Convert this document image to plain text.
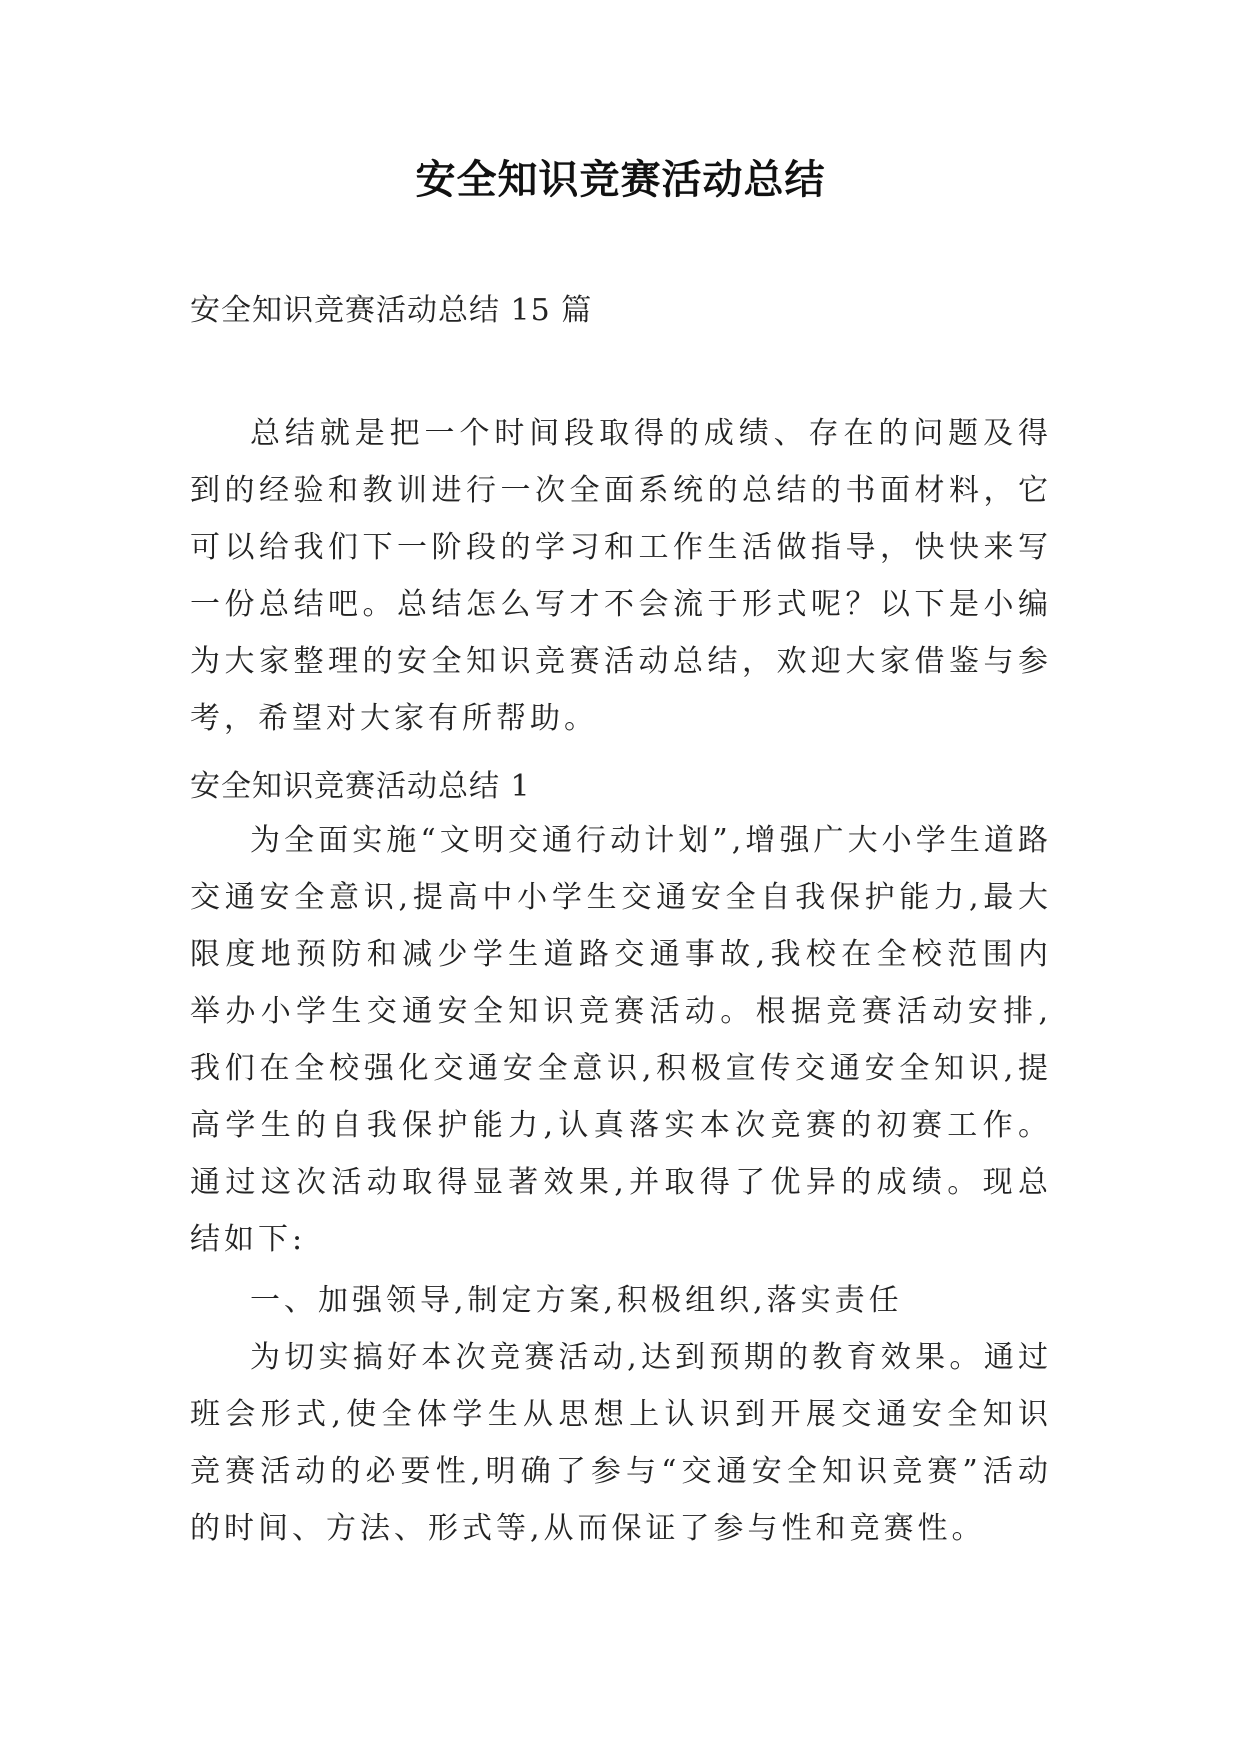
安全知识竞赛活动总结
安全知识竞赛活动总结 15 篇

总结就是把一个时间段取得的成绩、存在的问题及得到的经验和教训进行一次全面系统的总结的书面材料，它可以给我们下一阶段的学习和工作生活做指导，快快来写一份总结吧。总结怎么写才不会流于形式呢？以下是小编为大家整理的安全知识竞赛活动总结，欢迎大家借鉴与参考，希望对大家有所帮助。

安全知识竞赛活动总结 1

为全面实施“文明交通行动计划”,增强广大小学生道路交通安全意识,提高中小学生交通安全自我保护能力,最大限度地预防和减少学生道路交通事故,我校在全校范围内举办小学生交通安全知识竞赛活动。根据竞赛活动安排,我们在全校强化交通安全意识,积极宣传交通安全知识,提高学生的自我保护能力,认真落实本次竞赛的初赛工作。通过这次活动取得显著效果,并取得了优异的成绩。现总结如下:

一、加强领导,制定方案,积极组织,落实责任

为切实搞好本次竞赛活动,达到预期的教育效果。通过班会形式,使全体学生从思想上认识到开展交通安全知识竞赛活动的必要性,明确了参与“交通安全知识竞赛”活动的时间、方法、形式等,从而保证了参与性和竞赛性。
